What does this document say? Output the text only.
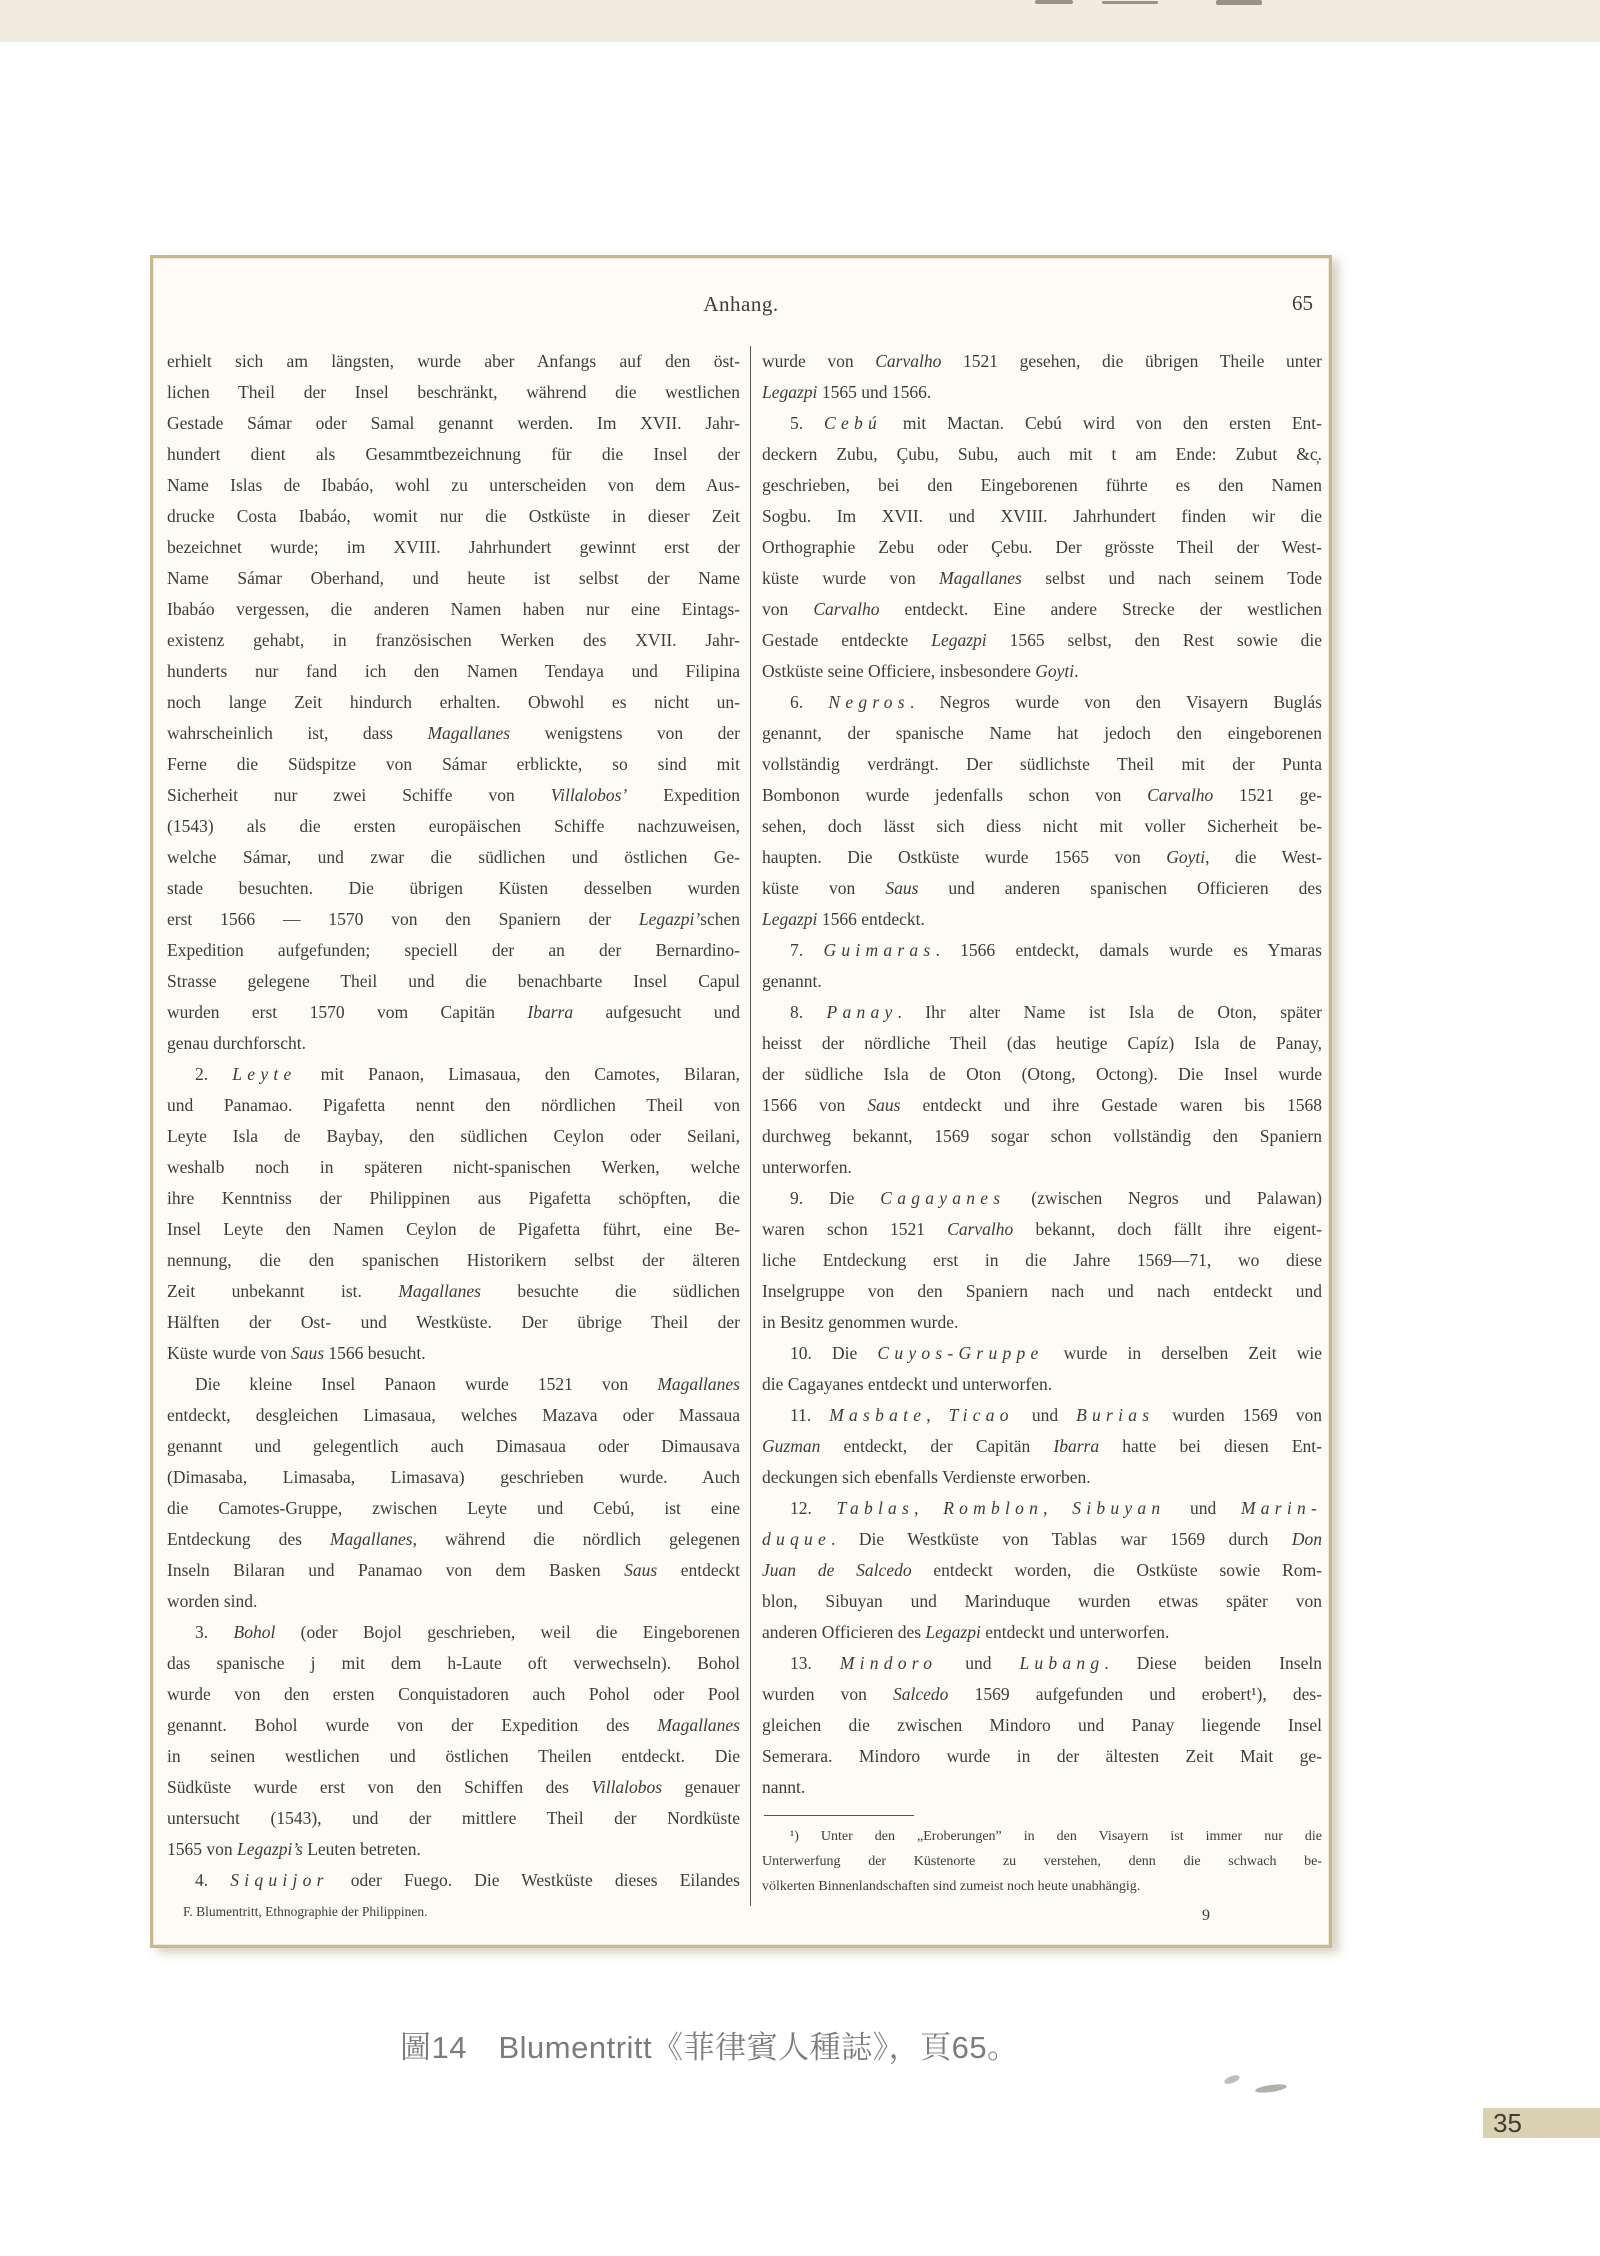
Anhang.	65
erhielt sich am längsten, wurde aber Anfangs auf den öst-
lichen Theil der Insel beschränkt, während die westlichen
Gestade Sámar oder Samal genannt werden. Im XVII. Jahr-
hundert dient als Gesammtbezeichnung für die Insel der
Name Islas de Ibabáo, wohl zu unterscheiden von dem Aus-
drucke Costa Ibabáo, womit nur die Ostküste in dieser Zeit
bezeichnet wurde; im XVIII. Jahrhundert gewinnt erst der
Name Sámar Oberhand, und heute ist selbst der Name
Ibabáo vergessen, die anderen Namen haben nur eine Eintags-
existenz gehabt, in französischen Werken des XVII. Jahr-
hunderts nur fand ich den Namen Tendaya und Filipina
noch lange Zeit hindurch erhalten. Obwohl es nicht un-
wahrscheinlich ist, dass Magallanes wenigstens von der
Ferne die Südspitze von Sámar erblickte, so sind mit
Sicherheit nur zwei Schiffe von Villalobos’ Expedition
(1543) als die ersten europäischen Schiffe nachzuweisen,
welche Sámar, und zwar die südlichen und östlichen Ge-
stade besuchten. Die übrigen Küsten desselben wurden
erst 1566 — 1570 von den Spaniern der Legazpi’schen
Expedition aufgefunden; speciell der an der Bernardino-
Strasse gelegene Theil und die benachbarte Insel Capul
wurden erst 1570 vom Capitän Ibarra aufgesucht und
genau durchforscht.
2. Leyte mit Panaon, Limasaua, den Camotes, Bilaran,
und Panamao. Pigafetta nennt den nördlichen Theil von
Leyte Isla de Baybay, den südlichen Ceylon oder Seilani,
weshalb noch in späteren nicht-spanischen Werken, welche
ihre Kenntniss der Philippinen aus Pigafetta schöpften, die
Insel Leyte den Namen Ceylon de Pigafetta führt, eine Be-
nennung, die den spanischen Historikern selbst der älteren
Zeit unbekannt ist. Magallanes besuchte die südlichen
Hälften der Ost- und Westküste. Der übrige Theil der
Küste wurde von Saus 1566 besucht.
Die kleine Insel Panaon wurde 1521 von Magallanes
entdeckt, desgleichen Limasaua, welches Mazava oder Massaua
genannt und gelegentlich auch Dimasaua oder Dimausava
(Dimasaba, Limasaba, Limasava) geschrieben wurde. Auch
die Camotes-Gruppe, zwischen Leyte und Cebú, ist eine
Entdeckung des Magallanes, während die nördlich gelegenen
Inseln Bilaran und Panamao von dem Basken Saus entdeckt
worden sind.
3. Bohol (oder Bojol geschrieben, weil die Eingeborenen
das spanische j mit dem h-Laute oft verwechseln). Bohol
wurde von den ersten Conquistadoren auch Pohol oder Pool
genannt. Bohol wurde von der Expedition des Magallanes
in seinen westlichen und östlichen Theilen entdeckt. Die
Südküste wurde erst von den Schiffen des Villalobos genauer
untersucht (1543), und der mittlere Theil der Nordküste
1565 von Legazpi’s Leuten betreten.
4. Siquijor oder Fuego. Die Westküste dieses Eilandes
F. Blumentritt, Ethnographie der Philippinen.
wurde von Carvalho 1521 gesehen, die übrigen Theile unter
Legazpi 1565 und 1566.
5. Cebú mit Mactan. Cebú wird von den ersten Ent-
deckern Zubu, Çubu, Subu, auch mit t am Ende: Zubut &c̦.
geschrieben, bei den Eingeborenen führte es den Namen
Sogbu. Im XVII. und XVIII. Jahrhundert finden wir die
Orthographie Zebu oder Çebu. Der grösste Theil der West-
küste wurde von Magallanes selbst und nach seinem Tode
von Carvalho entdeckt. Eine andere Strecke der westlichen
Gestade entdeckte Legazpi 1565 selbst, den Rest sowie die
Ostküste seine Officiere, insbesondere Goyti.
6. Negros. Negros wurde von den Visayern Buglás
genannt, der spanische Name hat jedoch den eingeborenen
vollständig verdrängt. Der südlichste Theil mit der Punta
Bombonon wurde jedenfalls schon von Carvalho 1521 ge-
sehen, doch lässt sich diess nicht mit voller Sicherheit be-
haupten. Die Ostküste wurde 1565 von Goyti, die West-
küste von Saus und anderen spanischen Officieren des
Legazpi 1566 entdeckt.
7. Guimaras. 1566 entdeckt, damals wurde es Ymaras
genannt.
8. Panay. Ihr alter Name ist Isla de Oton, später
heisst der nördliche Theil (das heutige Capíz) Isla de Panay,
der südliche Isla de Oton (Otong, Octong). Die Insel wurde
1566 von Saus entdeckt und ihre Gestade waren bis 1568
durchweg bekannt, 1569 sogar schon vollständig den Spaniern
unterworfen.
9. Die Cagayanes (zwischen Negros und Palawan)
waren schon 1521 Carvalho bekannt, doch fällt ihre eigent-
liche Entdeckung erst in die Jahre 1569—71, wo diese
Inselgruppe von den Spaniern nach und nach entdeckt und
in Besitz genommen wurde.
10. Die Cuyos-Gruppe wurde in derselben Zeit wie
die Cagayanes entdeckt und unterworfen.
11. Masbate, Ticao und Burias wurden 1569 von
Guzman entdeckt, der Capitän Ibarra hatte bei diesen Ent-
deckungen sich ebenfalls Verdienste erworben.
12. Tablas, Romblon, Sibuyan und Marin-
duque. Die Westküste von Tablas war 1569 durch Don
Juan de Salcedo entdeckt worden, die Ostküste sowie Rom-
blon, Sibuyan und Marinduque wurden etwas später von
anderen Officieren des Legazpi entdeckt und unterworfen.
13. Mindoro und Lubang. Diese beiden Inseln
wurden von Salcedo 1569 aufgefunden und erobert¹), des-
gleichen die zwischen Mindoro und Panay liegende Insel
Semerara. Mindoro wurde in der ältesten Zeit Mait ge-
nannt.
¹) Unter den „Eroberungen” in den Visayern ist immer nur die
Unterwerfung der Küstenorte zu verstehen, denn die schwach be-
völkerten Binnenlandschaften sind zumeist noch heute unabhängig.
9
圖14　Blumentritt《菲律賓人種誌》，頁65。
35
